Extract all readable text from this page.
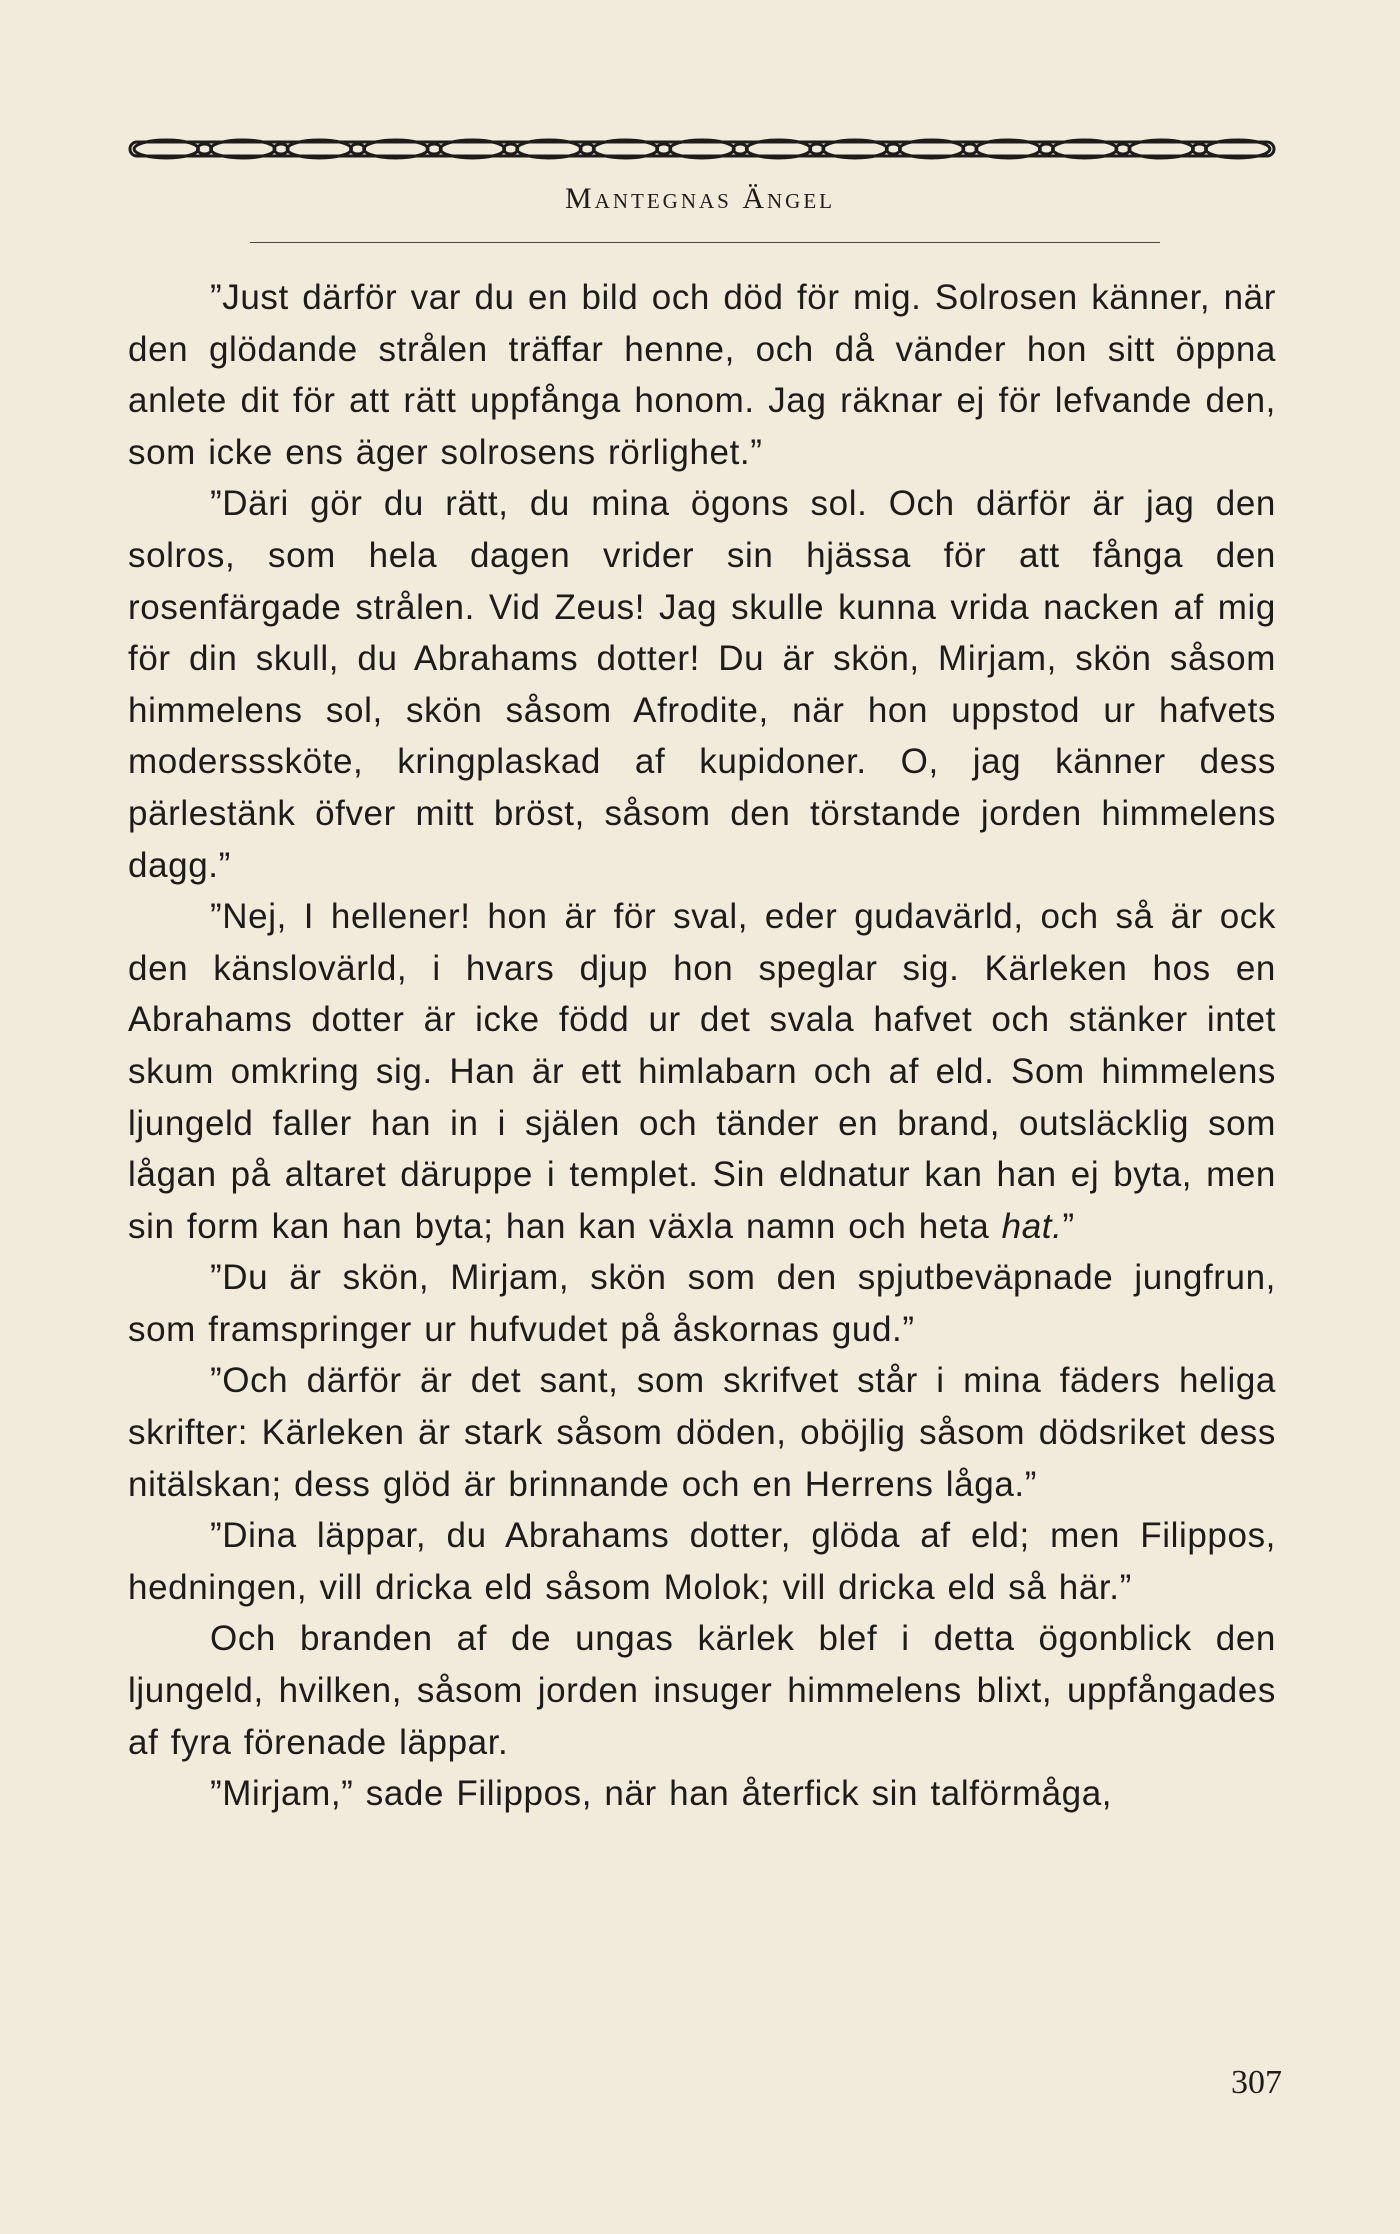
Mantegnas Ängel

”Just därför var du en bild och död för mig. Solrosen känner, när den glödande strålen träffar henne, och då vänder hon sitt öppna anlete dit för att rätt uppfånga honom. Jag räknar ej för lefvande den, som icke ens äger solrosens rörlighet.”

”Däri gör du rätt, du mina ögons sol. Och därför är jag den solros, som hela dagen vrider sin hjässa för att fånga den rosenfärgade strålen. Vid Zeus! Jag skulle kunna vrida nacken af mig för din skull, du Abrahams dotter! Du är skön, Mirjam, skön såsom himmelens sol, skön såsom Afrodite, när hon uppstod ur hafvets modersssköte, kringplaskad af kupidoner. O, jag känner dess pärlestänk öfver mitt bröst, såsom den törstande jorden himmelens dagg.”

”Nej, I hellener! hon är för sval, eder gudavärld, och så är ock den känslovärld, i hvars djup hon speglar sig. Kärleken hos en Abrahams dotter är icke född ur det svala hafvet och stänker intet skum omkring sig. Han är ett himlabarn och af eld. Som himmelens ljungeld faller han in i själen och tänder en brand, outsläcklig som lågan på altaret däruppe i templet. Sin eldnatur kan han ej byta, men sin form kan han byta; han kan växla namn och heta hat.”

”Du är skön, Mirjam, skön som den spjutbeväpnade jungfrun, som framspringer ur hufvudet på åskornas gud.”

”Och därför är det sant, som skrifvet står i mina fäders heliga skrifter: Kärleken är stark såsom döden, oböjlig såsom dödsriket dess nitälskan; dess glöd är brinnande och en Herrens låga.”

”Dina läppar, du Abrahams dotter, glöda af eld; men Filippos, hedningen, vill dricka eld såsom Molok; vill dricka eld så här.”

Och branden af de ungas kärlek blef i detta ögonblick den ljungeld, hvilken, såsom jorden insuger himmelens blixt, uppfångades af fyra förenade läppar.

”Mirjam,” sade Filippos, när han återfick sin talförmåga,

307
